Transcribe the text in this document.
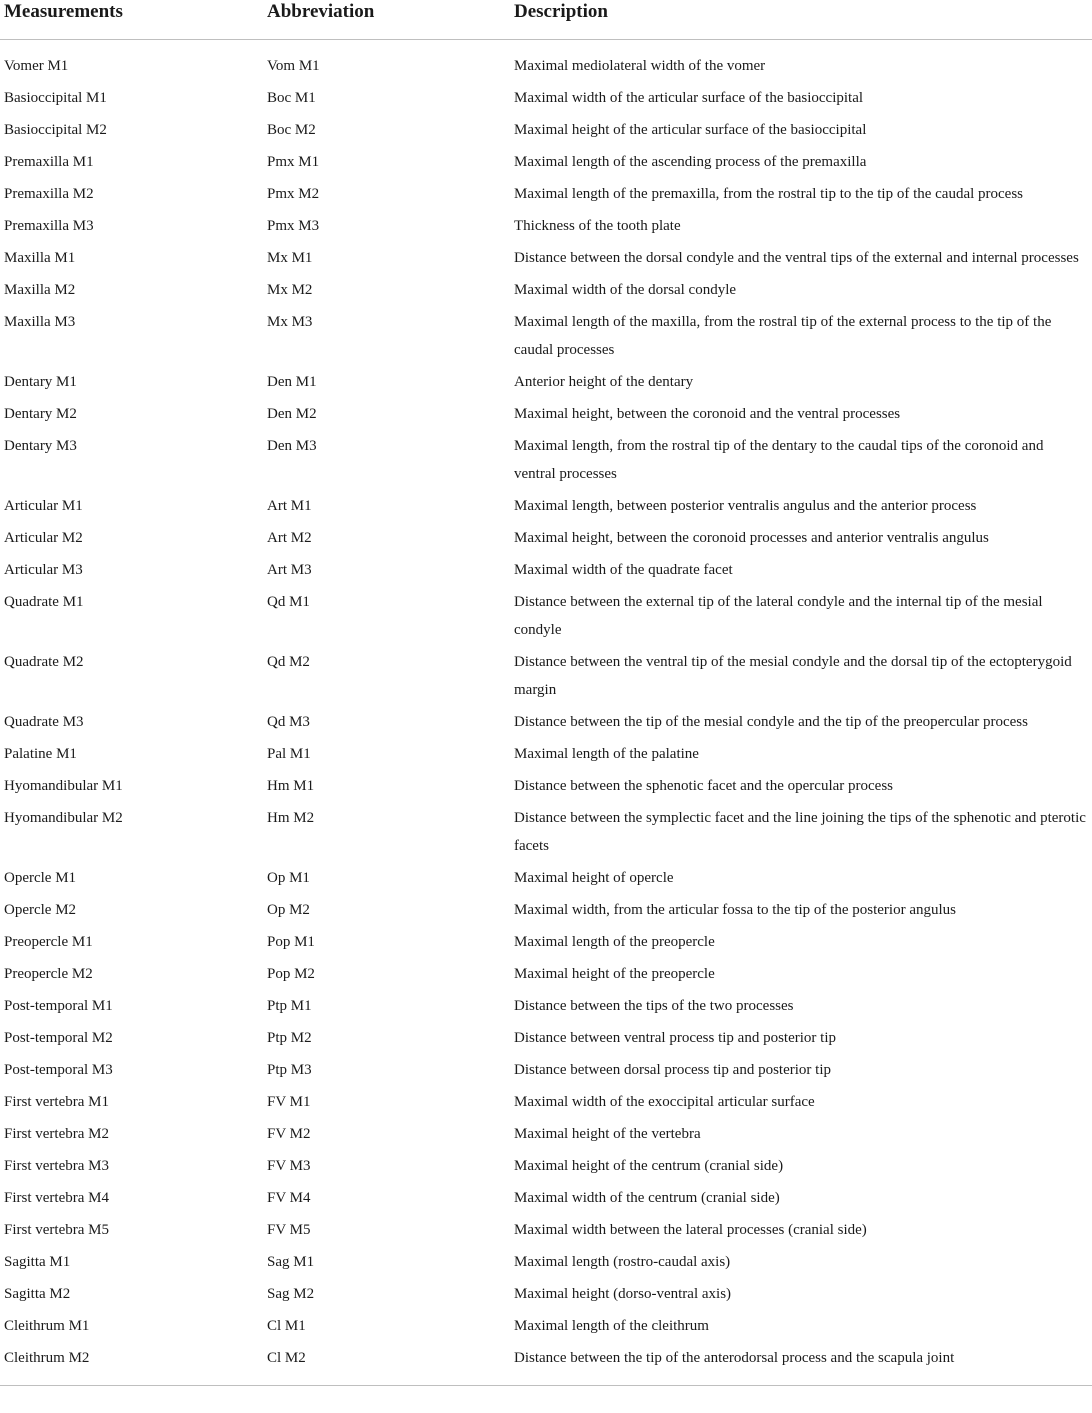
Measurements	Abbreviation	Description

Vomer M1	Vom M1	Maximal mediolateral width of the vomer
Basioccipital M1	Boc M1	Maximal width of the articular surface of the basioccipital
Basioccipital M2	Boc M2	Maximal height of the articular surface of the basioccipital
Premaxilla M1	Pmx M1	Maximal length of the ascending process of the premaxilla
Premaxilla M2	Pmx M2	Maximal length of the premaxilla, from the rostral tip to the tip of the caudal process
Premaxilla M3	Pmx M3	Thickness of the tooth plate
Maxilla M1	Mx M1	Distance between the dorsal condyle and the ventral tips of the external and internal processes
Maxilla M2	Mx M2	Maximal width of the dorsal condyle
Maxilla M3	Mx M3	Maximal length of the maxilla, from the rostral tip of the external process to the tip of the caudal processes
Dentary M1	Den M1	Anterior height of the dentary
Dentary M2	Den M2	Maximal height, between the coronoid and the ventral processes
Dentary M3	Den M3	Maximal length, from the rostral tip of the dentary to the caudal tips of the coronoid and ventral processes
Articular M1	Art M1	Maximal length, between posterior ventralis angulus and the anterior process
Articular M2	Art M2	Maximal height, between the coronoid processes and anterior ventralis angulus
Articular M3	Art M3	Maximal width of the quadrate facet
Quadrate M1	Qd M1	Distance between the external tip of the lateral condyle and the internal tip of the mesial condyle
Quadrate M2	Qd M2	Distance between the ventral tip of the mesial condyle and the dorsal tip of the ectopterygoid margin
Quadrate M3	Qd M3	Distance between the tip of the mesial condyle and the tip of the preopercular process
Palatine M1	Pal M1	Maximal length of the palatine
Hyomandibular M1	Hm M1	Distance between the sphenotic facet and the opercular process
Hyomandibular M2	Hm M2	Distance between the symplectic facet and the line joining the tips of the sphenotic and pterotic facets
Opercle M1	Op M1	Maximal height of opercle
Opercle M2	Op M2	Maximal width, from the articular fossa to the tip of the posterior angulus
Preopercle M1	Pop M1	Maximal length of the preopercle
Preopercle M2	Pop M2	Maximal height of the preopercle
Post-temporal M1	Ptp M1	Distance between the tips of the two processes
Post-temporal M2	Ptp M2	Distance between ventral process tip and posterior tip
Post-temporal M3	Ptp M3	Distance between dorsal process tip and posterior tip
First vertebra M1	FV M1	Maximal width of the exoccipital articular surface
First vertebra M2	FV M2	Maximal height of the vertebra
First vertebra M3	FV M3	Maximal height of the centrum (cranial side)
First vertebra M4	FV M4	Maximal width of the centrum (cranial side)
First vertebra M5	FV M5	Maximal width between the lateral processes (cranial side)
Sagitta M1	Sag M1	Maximal length (rostro-caudal axis)
Sagitta M2	Sag M2	Maximal height (dorso-ventral axis)
Cleithrum M1	Cl M1	Maximal length of the cleithrum
Cleithrum M2	Cl M2	Distance between the tip of the anterodorsal process and the scapula joint
